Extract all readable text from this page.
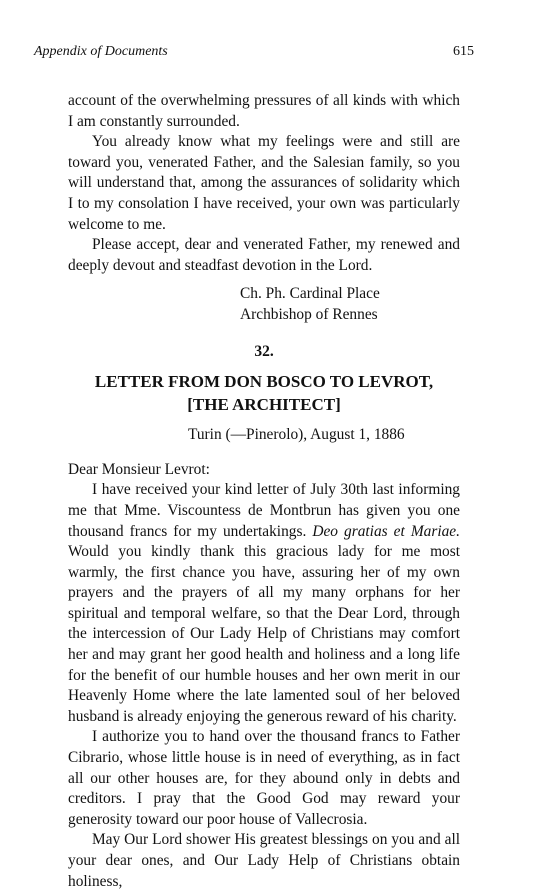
Appendix of Documents	615

account of the overwhelming pressures of all kinds with which I am constantly surrounded.

You already know what my feelings were and still are toward you, venerated Father, and the Salesian family, so you will understand that, among the assurances of solidarity which I to my consolation I have received, your own was particularly welcome to me.

Please accept, dear and venerated Father, my renewed and deeply devout and steadfast devotion in the Lord.

Ch. Ph. Cardinal Place
Archbishop of Rennes
32.
LETTER FROM DON BOSCO TO LEVROT,
[THE ARCHITECT]
Turin (—Pinerolo), August 1, 1886
Dear Monsieur Levrot:

I have received your kind letter of July 30th last informing me that Mme. Viscountess de Montbrun has given you one thousand francs for my undertakings. Deo gratias et Mariae. Would you kindly thank this gracious lady for me most warmly, the first chance you have, assuring her of my own prayers and the prayers of all my many orphans for her spiritual and temporal welfare, so that the Dear Lord, through the intercession of Our Lady Help of Christians may comfort her and may grant her good health and holiness and a long life for the benefit of our humble houses and her own merit in our Heavenly Home where the late lamented soul of her beloved husband is already enjoying the generous reward of his charity.

I authorize you to hand over the thousand francs to Father Cibrario, whose little house is in need of everything, as in fact all our other houses are, for they abound only in debts and creditors. I pray that the Good God may reward your generosity toward our poor house of Vallecrosia.

May Our Lord shower His greatest blessings on you and all your dear ones, and Our Lady Help of Christians obtain holiness,
